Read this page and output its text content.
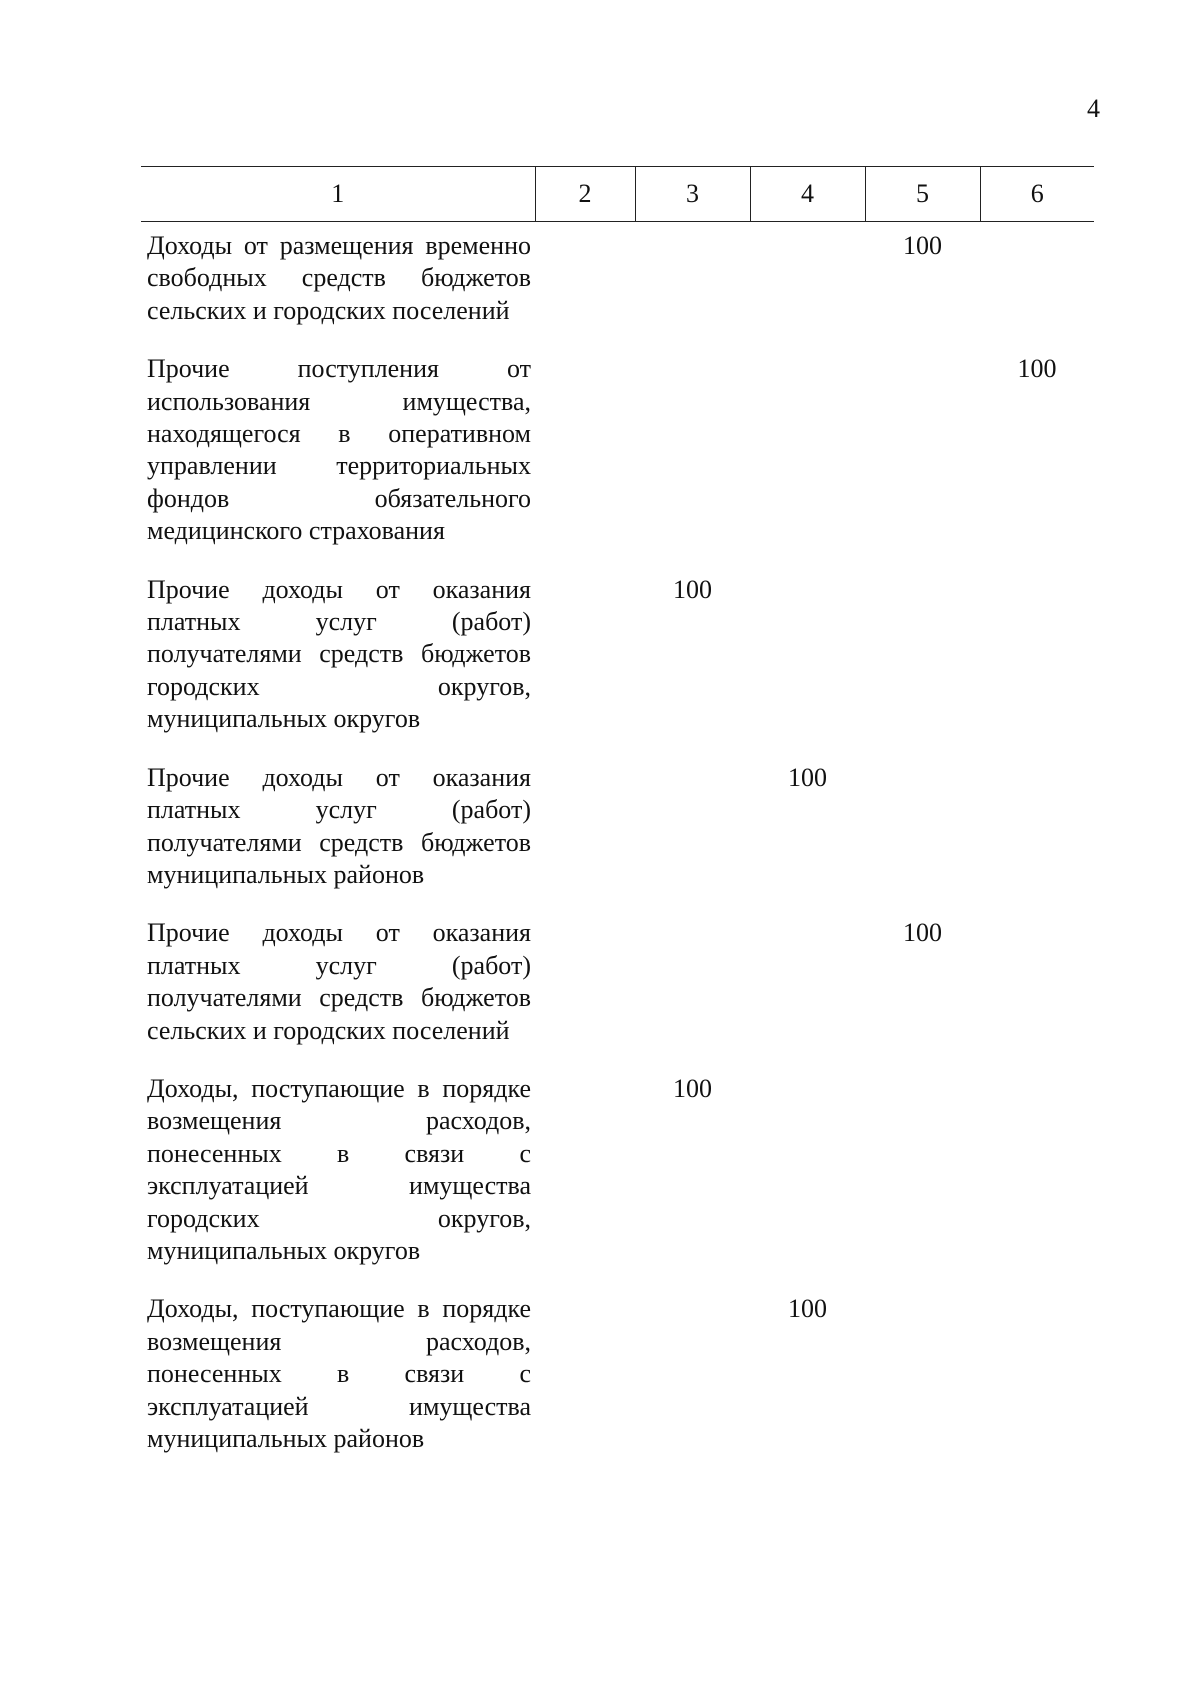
4
1	2	3	4	5	6
Доходы от размещения временно свободных средств бюджетов сельских и городских поселений				100	
Прочие поступления от использования имущества, находящегося в оперативном управлении территориальных фондов обязательного медицинского страхования					100
Прочие доходы от оказания платных услуг (работ) получателями средств бюджетов городских округов, муниципальных округов		100			
Прочие доходы от оказания платных услуг (работ) получателями средств бюджетов муниципальных районов			100		
Прочие доходы от оказания платных услуг (работ) получателями средств бюджетов сельских и городских поселений				100	
Доходы, поступающие в порядке возмещения расходов, понесенных в связи с эксплуатацией имущества городских округов, муниципальных округов		100			
Доходы, поступающие в порядке возмещения расходов, понесенных в связи с эксплуатацией имущества муниципальных районов			100		
